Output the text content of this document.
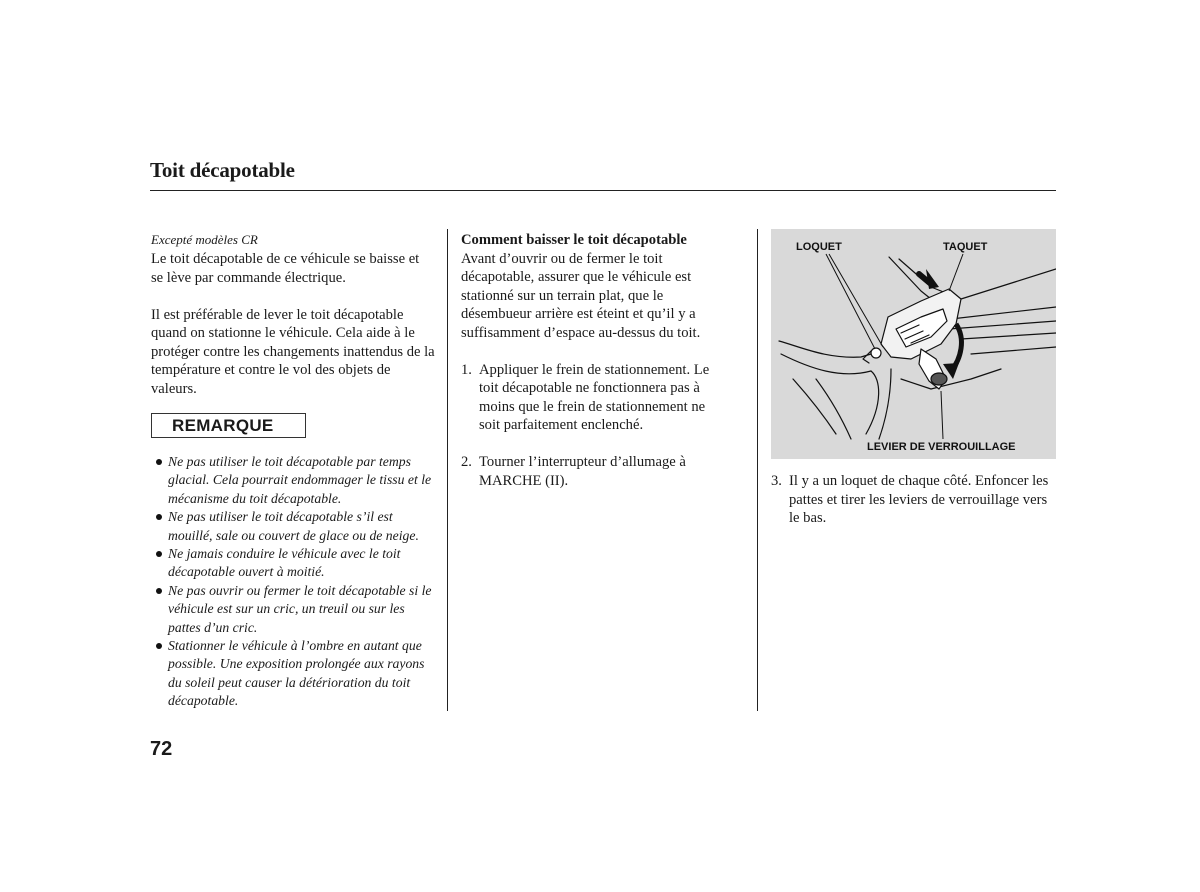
Toit décapotable

Excepté modèles CR

Le toit décapotable de ce véhicule se baisse et se lève par commande électrique.

Il est préférable de lever le toit décapotable quand on stationne le véhicule. Cela aide à le protéger contre les changements inattendus de la température et contre le vol des objets de valeurs.

REMARQUE
Ne pas utiliser le toit décapotable par temps glacial. Cela pourrait endommager le tissu et le mécanisme du toit décapotable.
Ne pas utiliser le toit décapotable s’il est mouillé, sale ou couvert de glace ou de neige.
Ne jamais conduire le véhicule avec le toit décapotable ouvert à moitié.
Ne pas ouvrir ou fermer le toit décapotable si le véhicule est sur un cric, un treuil ou sur les pattes d’un cric.
Stationner le véhicule à l’ombre en autant que possible. Une exposition prolongée aux rayons du soleil peut causer la détérioration du toit décapotable.

Comment baisser le toit décapotable

Avant d’ouvrir ou de fermer le toit décapotable, assurer que le véhicule est stationné sur un terrain plat, que le désembueur arrière est éteint et qu’il y a suffisamment d’espace au-dessus du toit.

1. Appliquer le frein de stationnement. Le toit décapotable ne fonctionnera pas à moins que le frein de stationnement ne soit parfaitement enclenché.
2. Tourner l’interrupteur d’allumage à MARCHE (II).
LOQUET	TAQUET
LEVIER DE VERROUILLAGE
3. Il y a un loquet de chaque côté. Enfoncer les pattes et tirer les leviers de verrouillage vers le bas.
72
